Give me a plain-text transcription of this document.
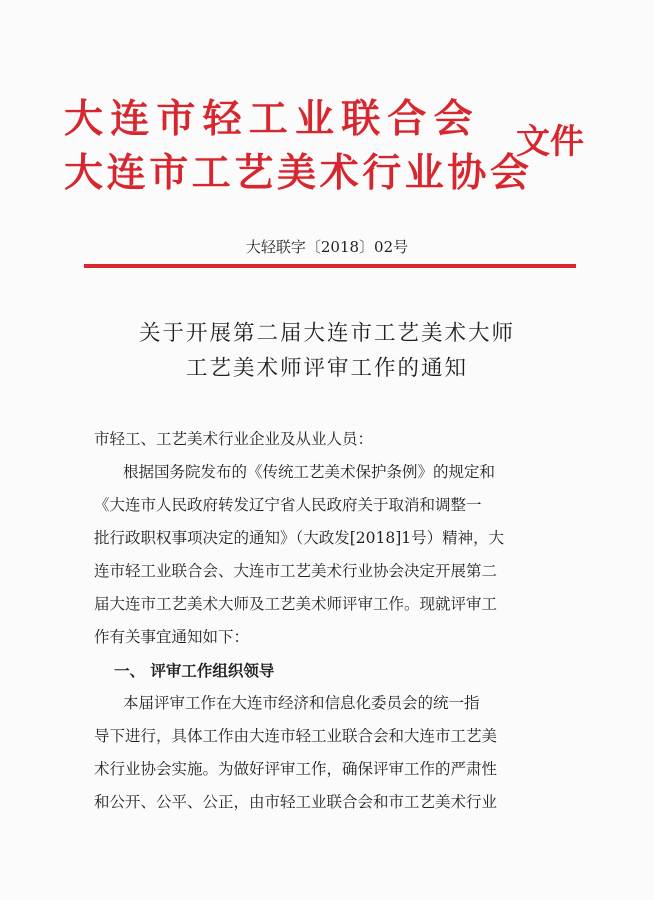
大连市轻工业联合会
大连市工艺美术行业协会
文件
大轻联字〔2018〕02号
关于开展第二届大连市工艺美术大师
工艺美术师评审工作的通知
市轻工、工艺美术行业企业及从业人员：
根据国务院发布的《传统工艺美术保护条例》的规定和
《大连市人民政府转发辽宁省人民政府关于取消和调整一
批行政职权事项决定的通知》（大政发[2018]1号）精神，大
连市轻工业联合会、大连市工艺美术行业协会决定开展第二
届大连市工艺美术大师及工艺美术师评审工作。现就评审工
作有关事宜通知如下：
一、 评审工作组织领导
本届评审工作在大连市经济和信息化委员会的统一指
导下进行，具体工作由大连市轻工业联合会和大连市工艺美
术行业协会实施。为做好评审工作，确保评审工作的严肃性
和公开、公平、公正，由市轻工业联合会和市工艺美术行业
